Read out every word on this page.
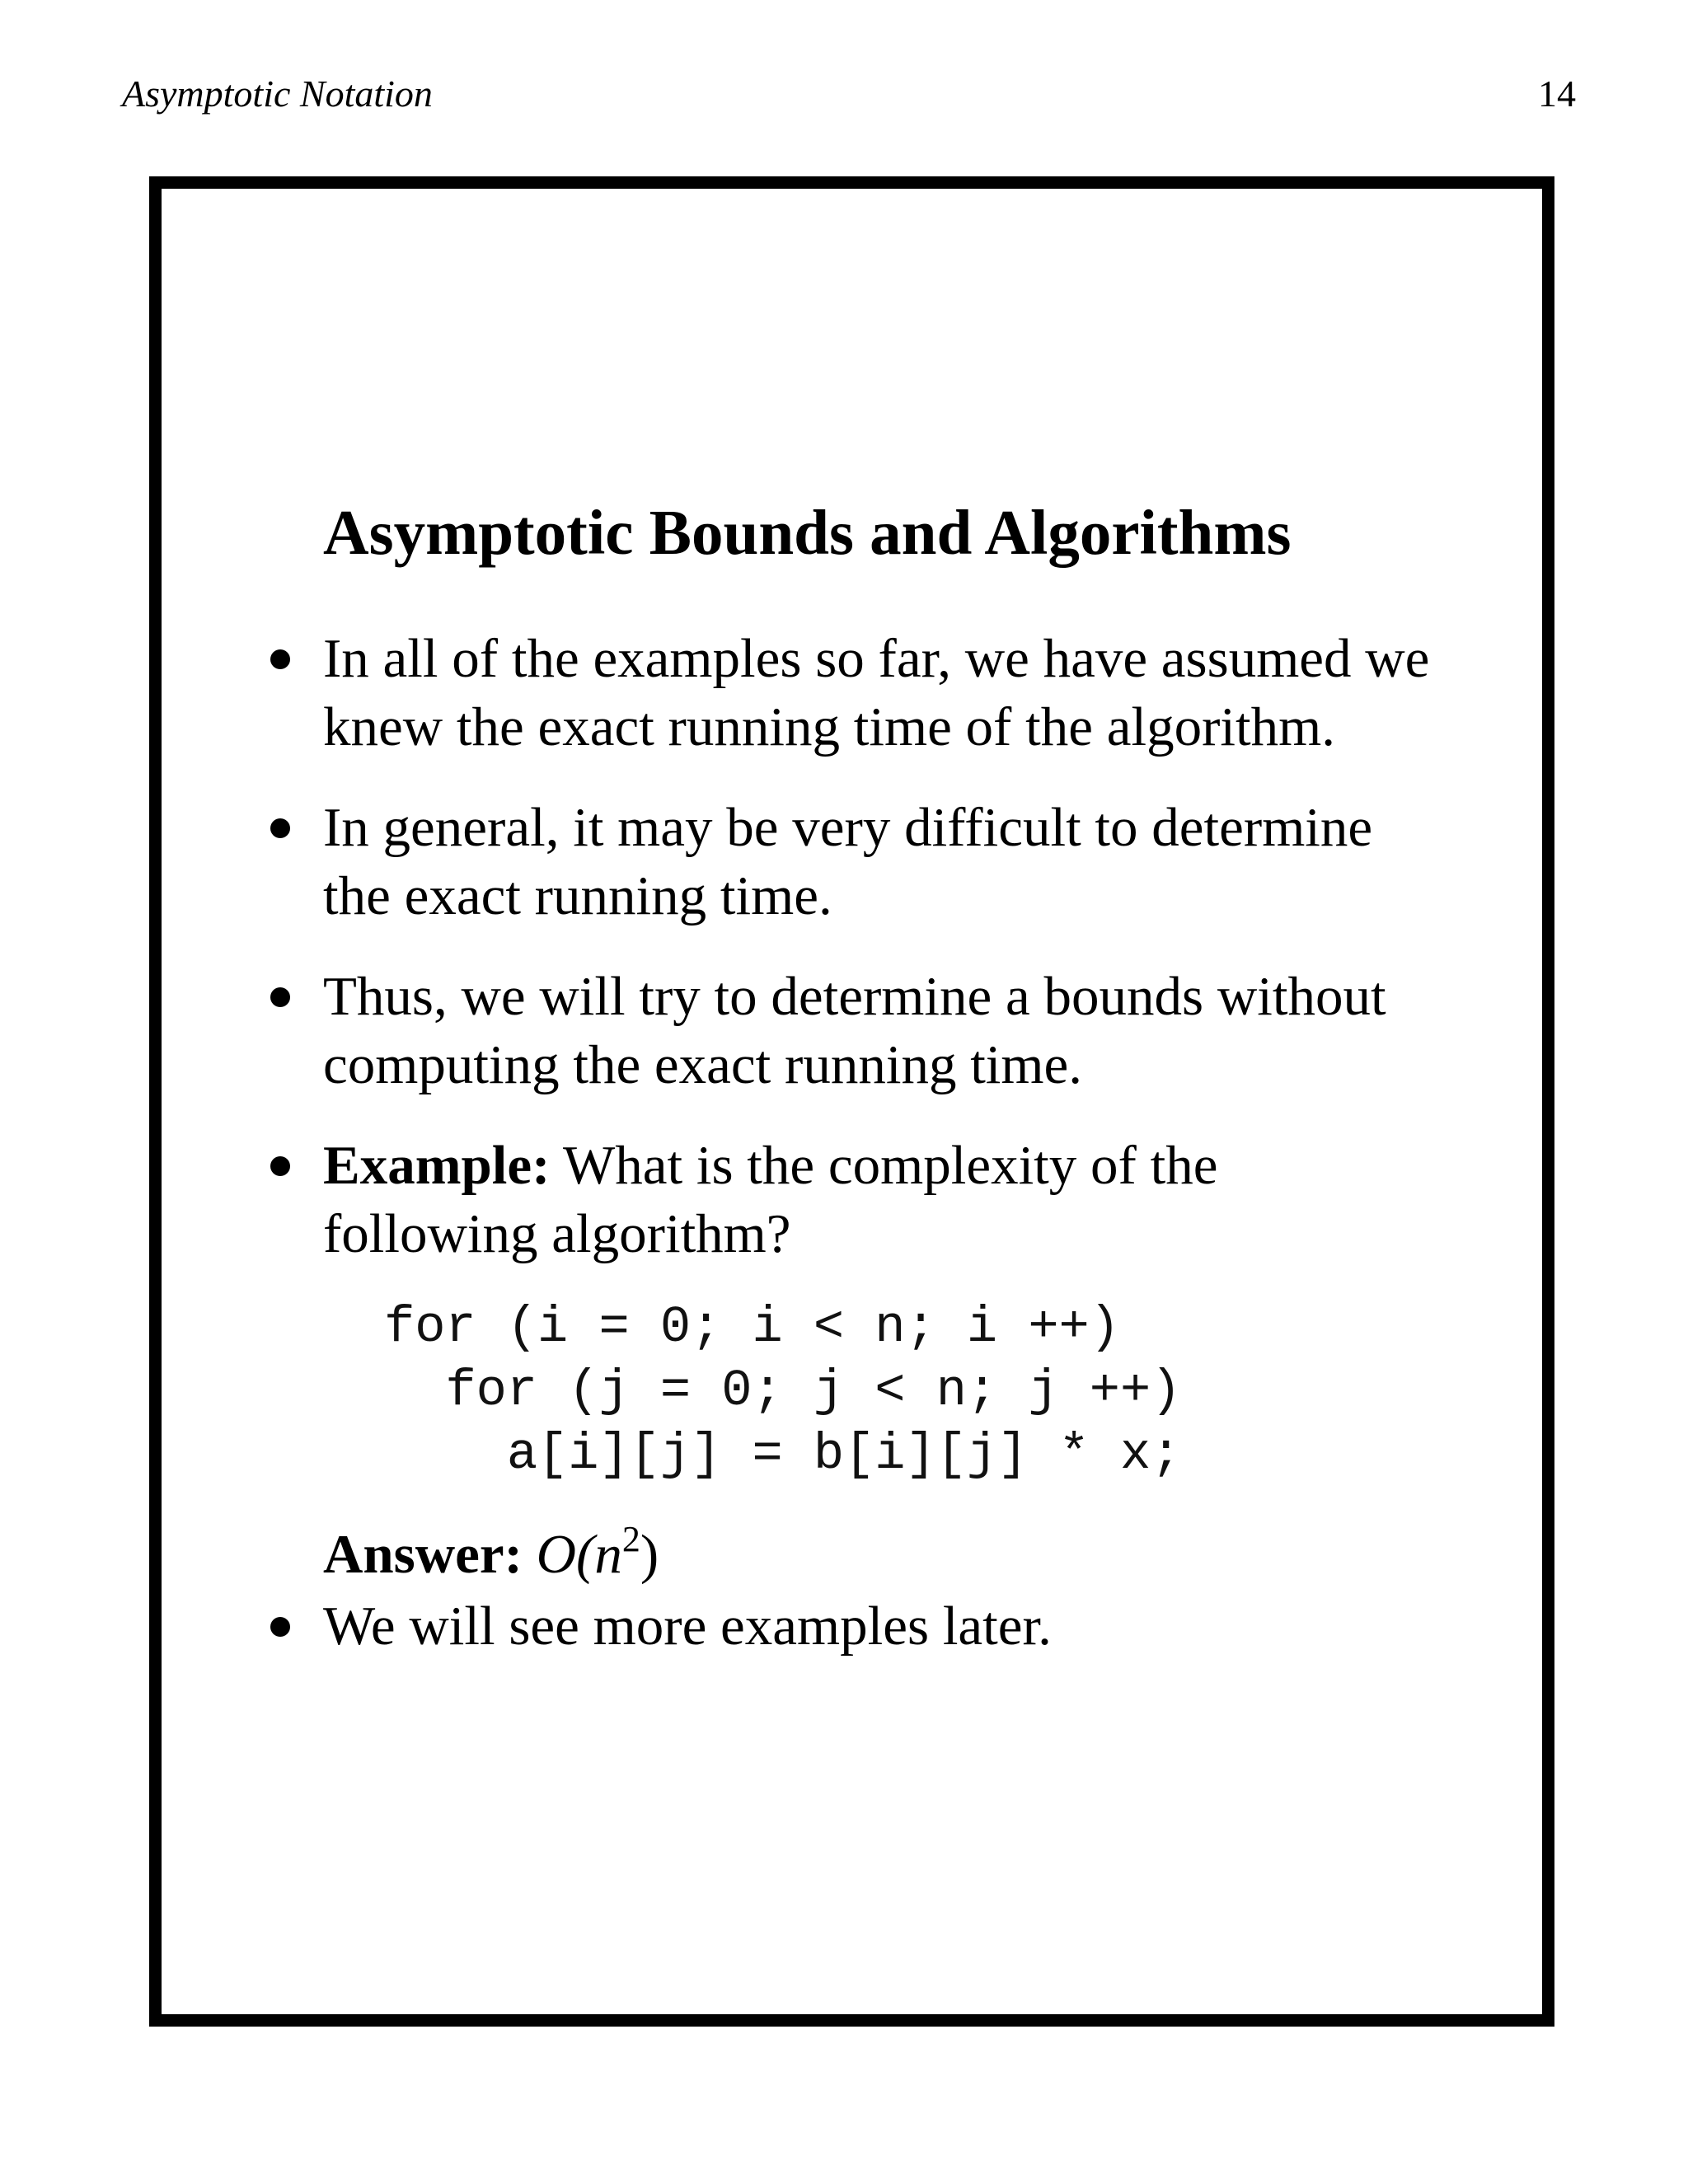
Asymptotic Notation	14
Asymptotic Bounds and Algorithms
In all of the examples so far, we have assumed we
knew the exact running time of the algorithm.
In general, it may be very difficult to determine
the exact running time.
Thus, we will try to determine a bounds without
computing the exact running time.
Example: What is the complexity of the
following algorithm?
for (i = 0; i < n; i ++)
for (j = 0; j < n; j ++)
a[i][j] = b[i][j] * x;
Answer: $O(n^2)$
We will see more examples later.
